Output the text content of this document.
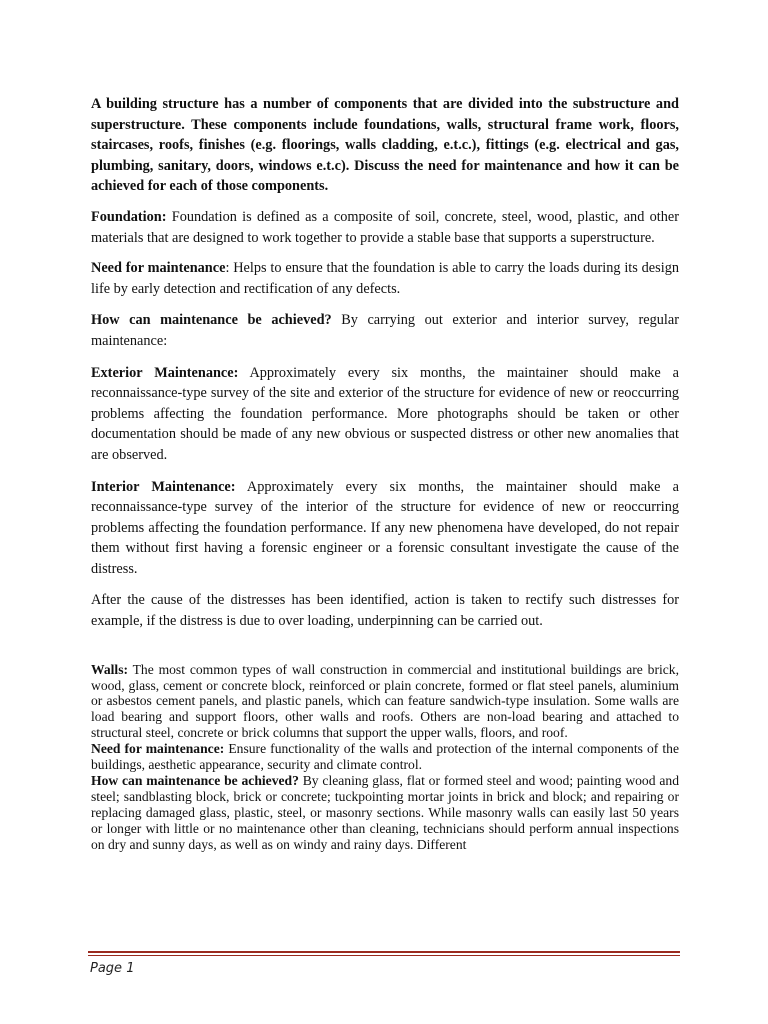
A building structure has a number of components that are divided into the substructure and superstructure. These components include foundations, walls, structural frame work, floors, staircases, roofs, finishes (e.g. floorings, walls cladding, e.t.c.), fittings (e.g. electrical and gas, plumbing, sanitary, doors, windows e.t.c). Discuss the need for maintenance and how it can be achieved for each of those components.

Foundation: Foundation is defined as a composite of soil, concrete, steel, wood, plastic, and other materials that are designed to work together to provide a stable base that supports a superstructure.

Need for maintenance: Helps to ensure that the foundation is able to carry the loads during its design life by early detection and rectification of any defects.

How can maintenance be achieved? By carrying out exterior and interior survey, regular maintenance:

Exterior Maintenance: Approximately every six months, the maintainer should make a reconnaissance-type survey of the site and exterior of the structure for evidence of new or reoccurring problems affecting the foundation performance. More photographs should be taken or other documentation should be made of any new obvious or suspected distress or other new anomalies that are observed.

Interior Maintenance: Approximately every six months, the maintainer should make a reconnaissance-type survey of the interior of the structure for evidence of new or reoccurring problems affecting the foundation performance. If any new phenomena have developed, do not repair them without first having a forensic engineer or a forensic consultant investigate the cause of the distress.

After the cause of the distresses has been identified, action is taken to rectify such distresses for example, if the distress is due to over loading, underpinning can be carried out.

Walls: The most common types of wall construction in commercial and institutional buildings are brick, wood, glass, cement or concrete block, reinforced or plain concrete, formed or flat steel panels, aluminium or asbestos cement panels, and plastic panels, which can feature sandwich-type insulation. Some walls are load bearing and support floors, other walls and roofs. Others are non-load bearing and attached to structural steel, concrete or brick columns that support the upper walls, floors, and roof.

Need for maintenance: Ensure functionality of the walls and protection of the internal components of the buildings, aesthetic appearance, security and climate control.

How can maintenance be achieved? By cleaning glass, flat or formed steel and wood; painting wood and steel; sandblasting block, brick or concrete; tuckpointing mortar joints in brick and block; and repairing or replacing damaged glass, plastic, steel, or masonry sections. While masonry walls can easily last 50 years or longer with little or no maintenance other than cleaning, technicians should perform annual inspections on dry and sunny days, as well as on windy and rainy days. Different

Page 1
